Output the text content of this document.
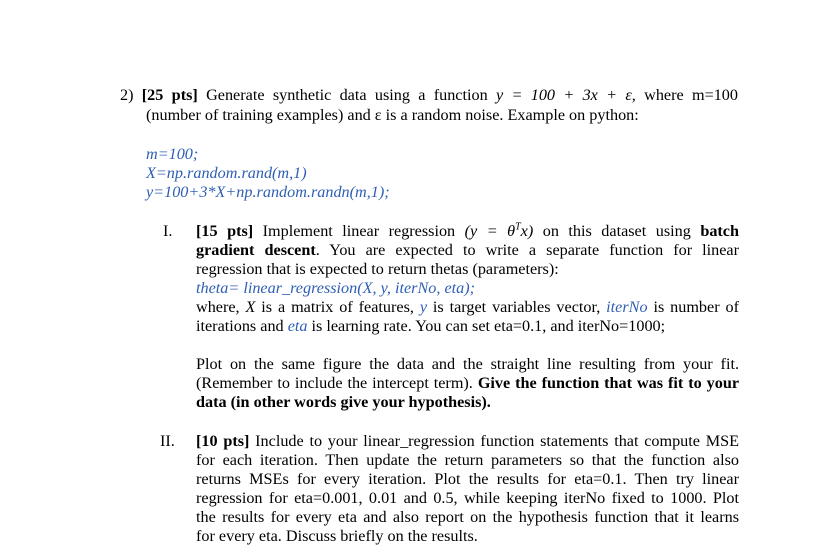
2) [25 pts] Generate synthetic data using a function y = 100 + 3x + ε, where m=100
(number of training examples) and ε is a random noise. Example on python:
m=100;
X=np.random.rand(m,1)
y=100+3*X+np.random.randn(m,1);
I. [15 pts] Implement linear regression $(y = \theta^Tx)$ on this dataset using batch
gradient descent. You are expected to write a separate function for linear
regression that is expected to return thetas (parameters):
theta= linear_regression(X, y, iterNo, eta);
where, X is a matrix of features, y is target variables vector, iterNo is number of
iterations and eta is learning rate. You can set eta=0.1, and iterNo=1000;
Plot on the same figure the data and the straight line resulting from your fit.
(Remember to include the intercept term). Give the function that was fit to your
data (in other words give your hypothesis).
II. [10 pts] Include to your linear_regression function statements that compute MSE
for each iteration. Then update the return parameters so that the function also
returns MSEs for every iteration. Plot the results for eta=0.1. Then try linear
regression for eta=0.001, 0.01 and 0.5, while keeping iterNo fixed to 1000. Plot
the results for every eta and also report on the hypothesis function that it learns
for every eta. Discuss briefly on the results.
